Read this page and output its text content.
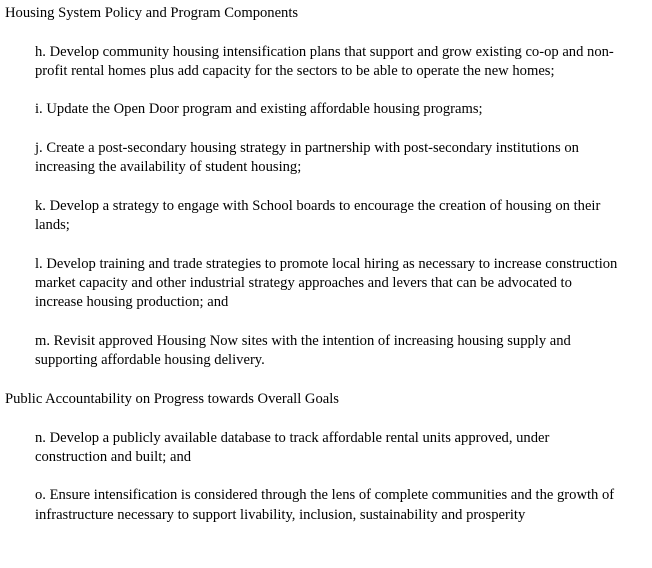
Housing System Policy and Program Components

h. Develop community housing intensification plans that support and grow existing co-op and non-profit rental homes plus add capacity for the sectors to be able to operate the new homes;

i. Update the Open Door program and existing affordable housing programs;

j. Create a post-secondary housing strategy in partnership with post-secondary institutions on increasing the availability of student housing;

k. Develop a strategy to engage with School boards to encourage the creation of housing on their lands;

l. Develop training and trade strategies to promote local hiring as necessary to increase construction market capacity and other industrial strategy approaches and levers that can be advocated to increase housing production; and

m. Revisit approved Housing Now sites with the intention of increasing housing supply and supporting affordable housing delivery.

Public Accountability on Progress towards Overall Goals

n. Develop a publicly available database to track affordable rental units approved, under construction and built; and

o. Ensure intensification is considered through the lens of complete communities and the growth of infrastructure necessary to support livability, inclusion, sustainability and prosperity
